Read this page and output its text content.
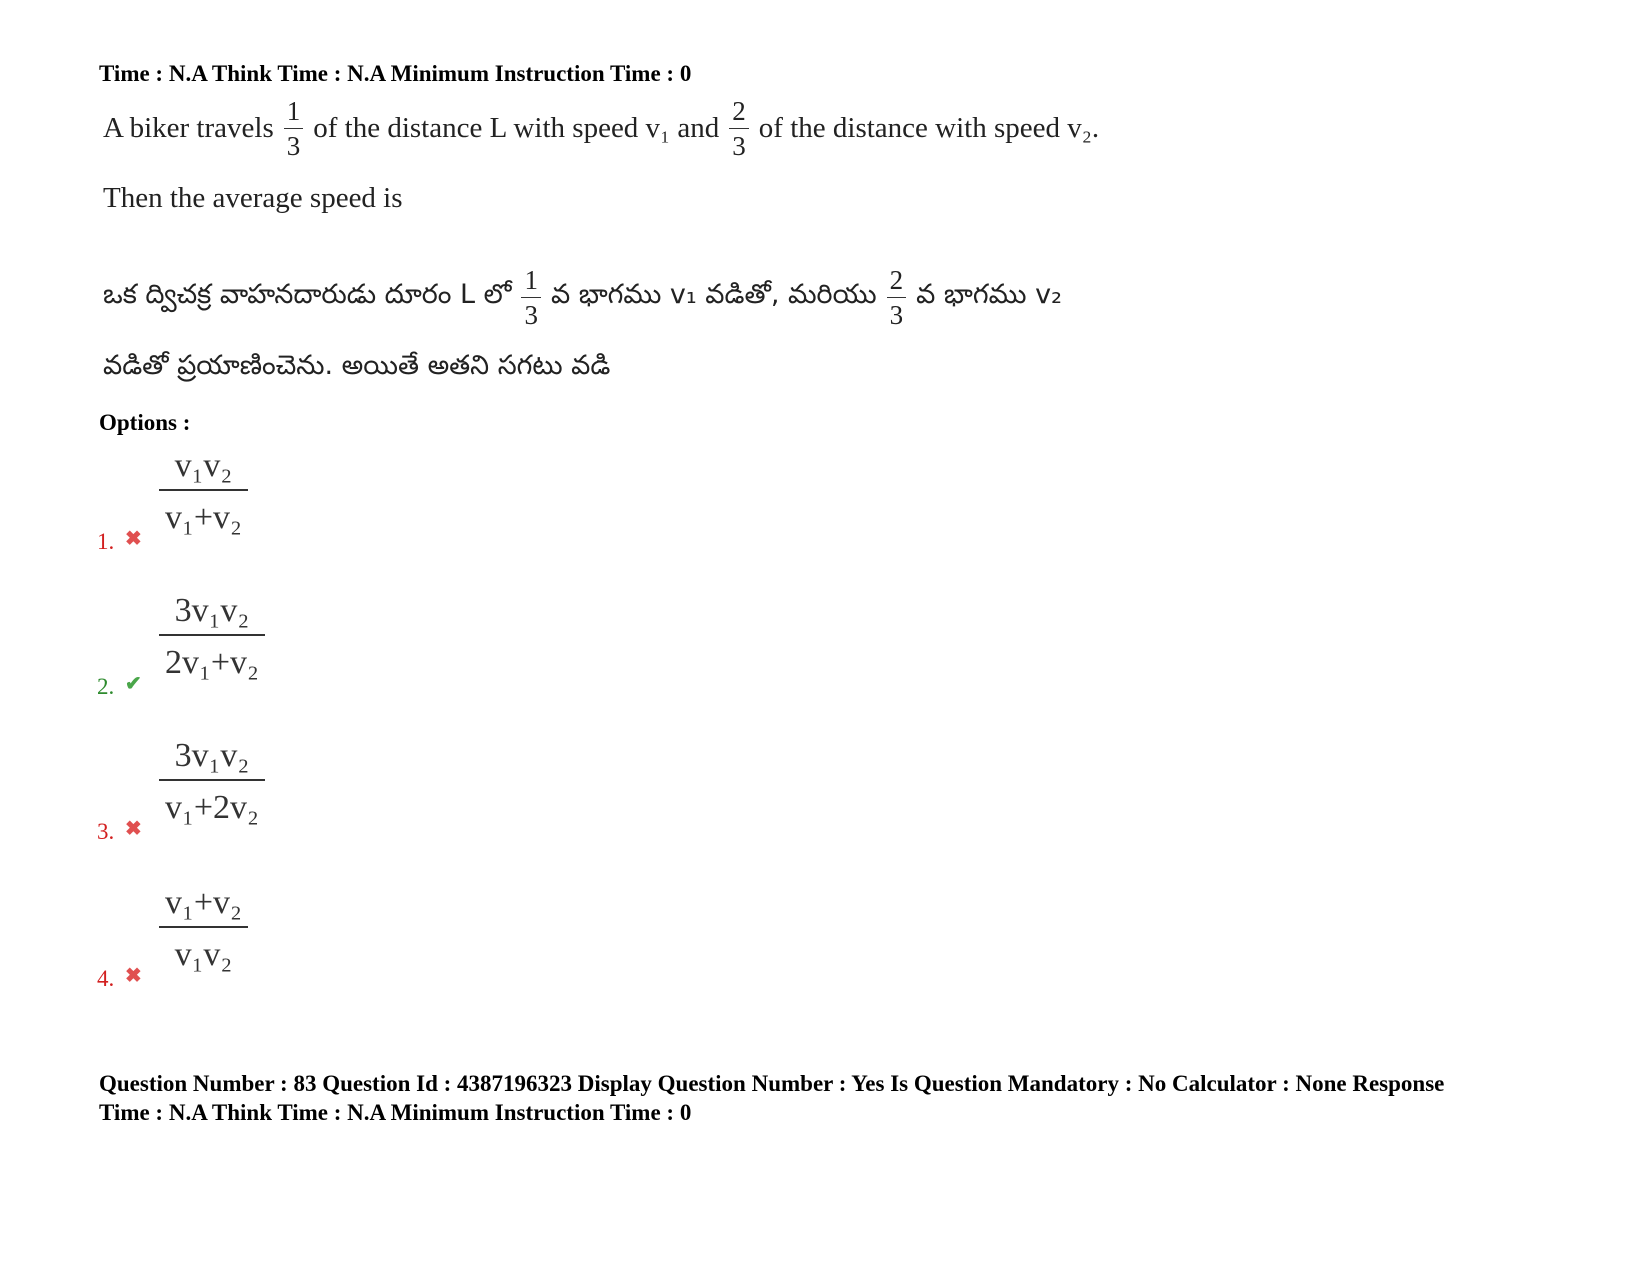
Time : N.A Think Time : N.A Minimum Instruction Time : 0
A biker travels $\frac{1}{3}$ of the distance L with speed v₁ and $\frac{2}{3}$ of the distance with speed v₂.
Then the average speed is
ఒక ద్విచక్ర వాహనదారుడు దూరం L లో $\frac{1}{3}$ వ భాగము v₁ వడితో, మరియు $\frac{2}{3}$ వ భాగము v₂
వడితో ప్రయాణించెను. అయితే అతని సగటు వడి
Options :
1. ✖
v₁v₂
v₁+v₂
2. ✔
3v₁v₂
2v₁+v₂
3. ✖
3v₁v₂
v₁+2v₂
4. ✖
v₁+v₂
v₁v₂
Question Number : 83 Question Id : 4387196323 Display Question Number : Yes Is Question Mandatory : No Calculator : None Response
Time : N.A Think Time : N.A Minimum Instruction Time : 0
